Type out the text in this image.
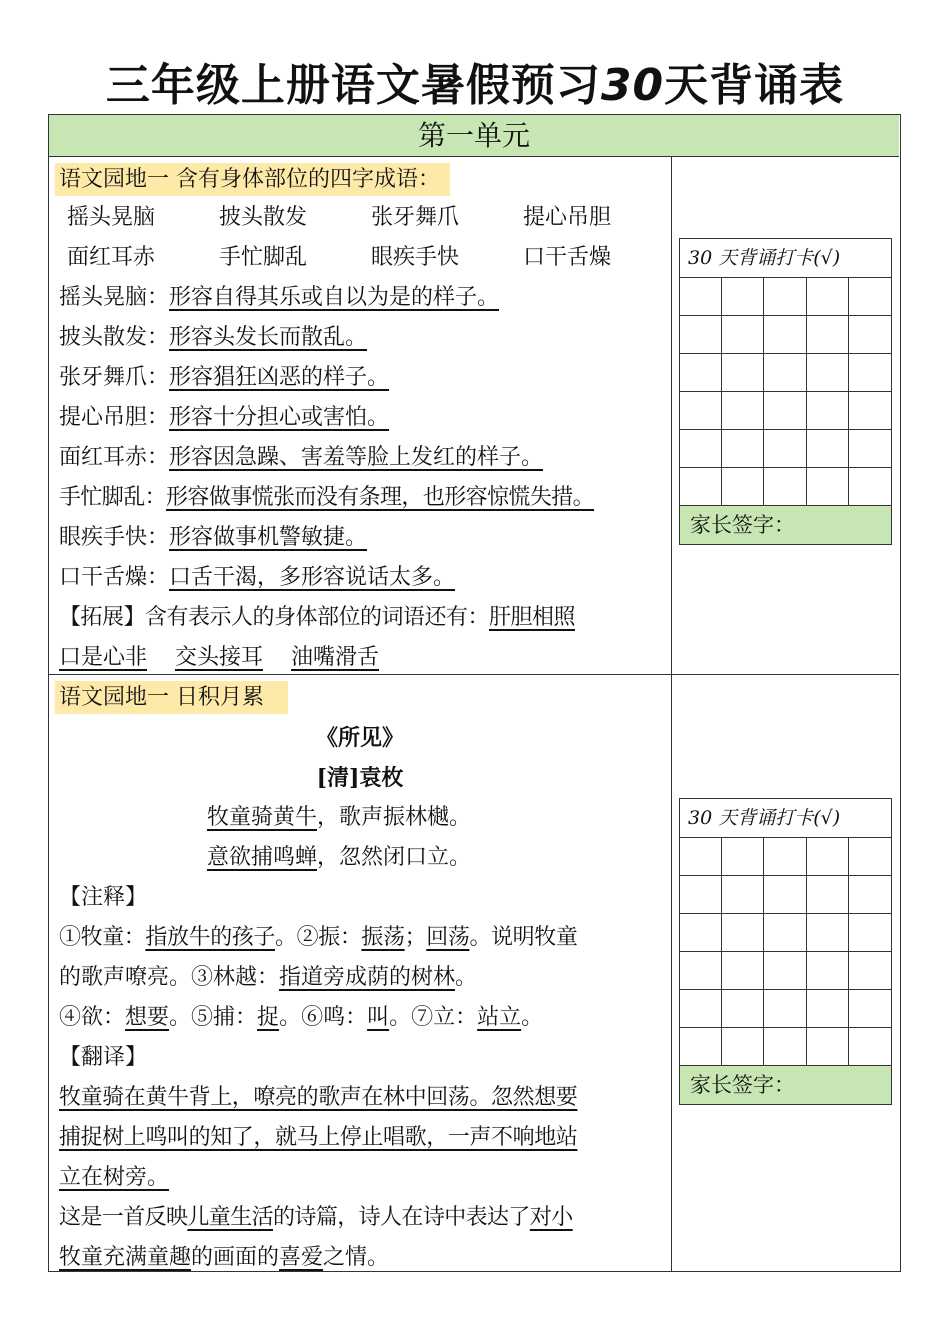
三年级上册语文暑假预习30天背诵表
第一单元
语文园地一 含有身体部位的四字成语：
摇头晃脑	披头散发	张牙舞爪	提心吊胆
面红耳赤	手忙脚乱	眼疾手快	口干舌燥
摇头晃脑：形容自得其乐或自以为是的样子。
披头散发：形容头发长而散乱。
张牙舞爪：形容猖狂凶恶的样子。
提心吊胆：形容十分担心或害怕。
面红耳赤：形容因急躁、害羞等脸上发红的样子。
手忙脚乱：形容做事慌张而没有条理，也形容惊慌失措。
眼疾手快：形容做事机警敏捷。
口干舌燥：口舌干渴，多形容说话太多。
【拓展】含有表示人的身体部位的词语还有：肝胆相照
口是心非 交头接耳 油嘴滑舌
30 天背诵打卡(√)
家长签字：
语文园地一 日积月累
《所见》
[清]袁枚
牧童骑黄牛，歌声振林樾。
意欲捕鸣蝉，忽然闭口立。
【注释】
①牧童：指放牛的孩子。②振：振荡；回荡。说明牧童
的歌声嘹亮。③林越：指道旁成荫的树林。
④欲：想要。⑤捕：捉。⑥鸣：叫。⑦立：站立。
【翻译】
牧童骑在黄牛背上，嘹亮的歌声在林中回荡。忽然想要
捕捉树上鸣叫的知了，就马上停止唱歌，一声不响地站
立在树旁。
这是一首反映儿童生活的诗篇，诗人在诗中表达了对小
牧童充满童趣的画面的喜爱之情。
30 天背诵打卡(√)
家长签字：
